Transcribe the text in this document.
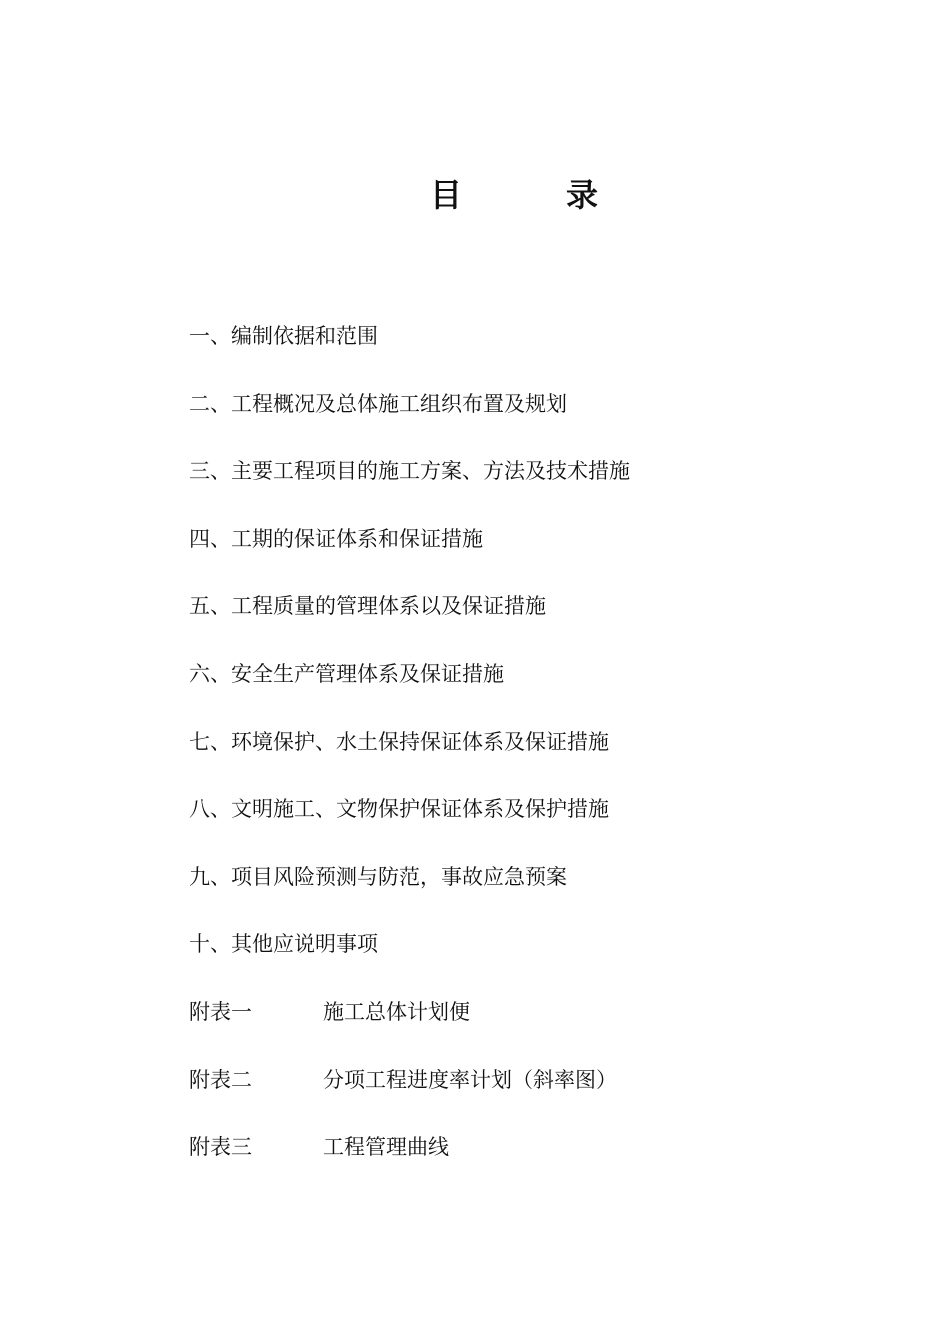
目	录
一、编制依据和范围
二、工程概况及总体施工组织布置及规划
三、主要工程项目的施工方案、方法及技术措施
四、工期的保证体系和保证措施
五、工程质量的管理体系以及保证措施
六、安全生产管理体系及保证措施
七、环境保护、水土保持保证体系及保证措施
八、文明施工、文物保护保证体系及保护措施
九、项目风险预测与防范，事故应急预案
十、其他应说明事项
附表一	施工总体计划便
附表二	分项工程进度率计划（斜率图）
附表三	工程管理曲线
